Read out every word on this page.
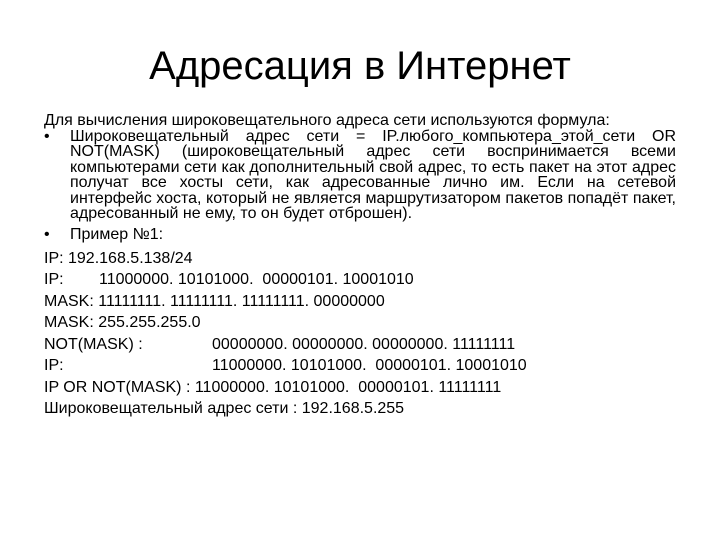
Адресация в Интернет
Для вычисления широковещательного адреса сети используются формула:
•	Широковещательный адрес сети = IP.любого_компьютера_этой_сети OR NOT(MASK) (широковещательный адрес сети воспринимается всеми компьютерами сети как дополнительный свой адрес, то есть пакет на этот адрес получат все хосты сети, как адресованные лично им. Если на сетевой интерфейс хоста, который не является маршрутизатором пакетов попадёт пакет, адресованный не ему, то он будет отброшен).
•	Пример №1:
IP: 192.168.5.138/24
IP: 11000000. 10101000.  00000101. 10001010
MASK: 11111111. 11111111. 11111111. 00000000
MASK: 255.255.255.0
NOT(MASK) :	00000000. 00000000. 00000000. 11111111
IP:	11000000. 10101000.  00000101. 10001010
IP OR NOT(MASK) : 11000000. 10101000.  00000101. 11111111
Широковещательный адрес сети : 192.168.5.255
